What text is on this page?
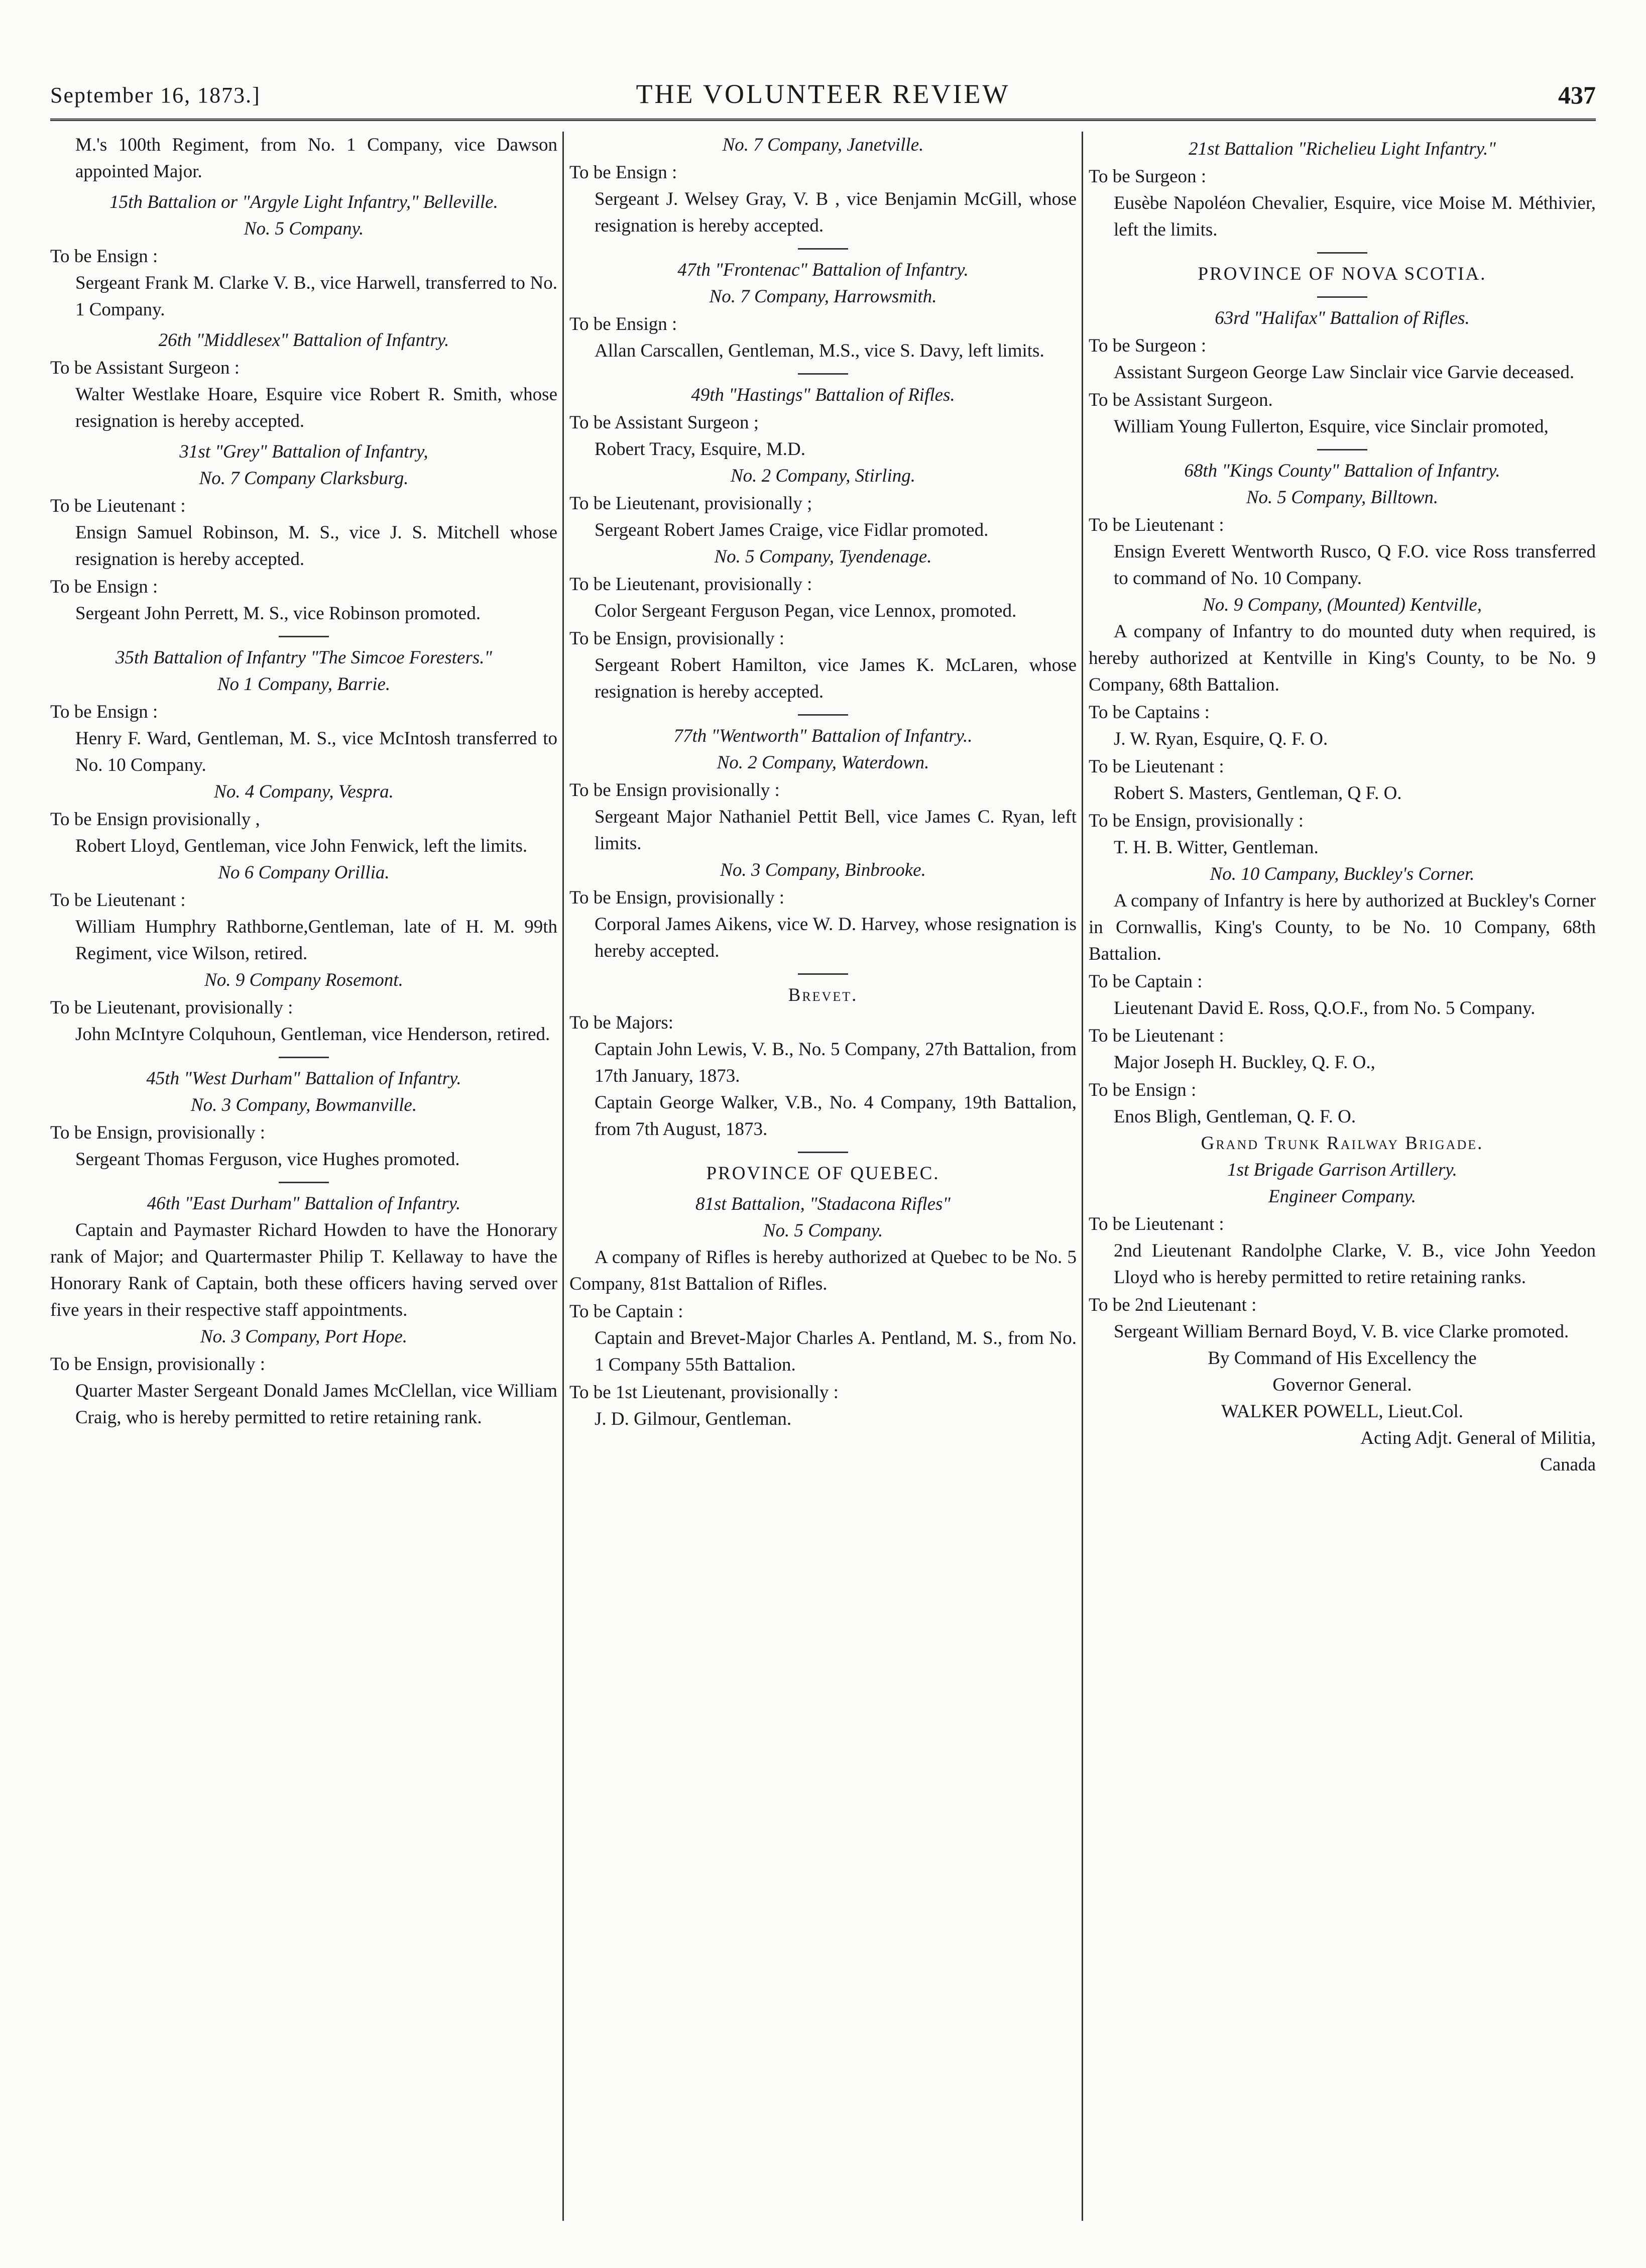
September 16, 1873.]	THE VOLUNTEER REVIEW	437
M.'s 100th Regiment, from No. 1 Company, vice Dawson appointed Major.
15th Battalion or "Argyle Light Infantry," Belleville.
No. 5 Company.
To be Ensign :
Sergeant Frank M. Clarke V. B., vice Harwell, transferred to No. 1 Company.
26th "Middlesex" Battalion of Infantry.
To be Assistant Surgeon :
Walter Westlake Hoare, Esquire vice Robert R. Smith, whose resignation is hereby accepted.
31st "Grey" Battalion of Infantry,
No. 7 Company Clarksburg.
To be Lieutenant :
Ensign Samuel Robinson, M. S., vice J. S. Mitchell whose resignation is hereby accepted.
To be Ensign :
Sergeant John Perrett, M. S., vice Robinson promoted.
35th Battalion of Infantry "The Simcoe Foresters."
No 1 Company, Barrie.
To be Ensign :
Henry F. Ward, Gentleman, M. S., vice McIntosh transferred to No. 10 Company.
No. 4 Company, Vespra.
To be Ensign provisionally ,
Robert Lloyd, Gentleman, vice John Fenwick, left the limits.
No 6 Company Orillia.
To be Lieutenant :
William Humphry Rathborne,Gentleman, late of H. M. 99th Regiment, vice Wilson, retired.
No. 9 Company Rosemont.
To be Lieutenant, provisionally :
John McIntyre Colquhoun, Gentleman, vice Henderson, retired.
45th "West Durham" Battalion of Infantry.
No. 3 Company, Bowmanville.
To be Ensign, provisionally :
Sergeant Thomas Ferguson, vice Hughes promoted.
46th "East Durham" Battalion of Infantry.
Captain and Paymaster Richard Howden to have the Honorary rank of Major; and Quartermaster Philip T. Kellaway to have the Honorary Rank of Captain, both these officers having served over five years in their respective staff appointments.
No. 3 Company, Port Hope.
To be Ensign, provisionally :
Quarter Master Sergeant Donald James McClellan, vice William Craig, who is hereby permitted to retire retaining rank.
No. 7 Company, Janetville.
To be Ensign :
Sergeant J. Welsey Gray, V. B , vice Benjamin McGill, whose resignation is hereby accepted.
47th "Frontenac" Battalion of Infantry.
No. 7 Company, Harrowsmith.
To be Ensign :
Allan Carscallen, Gentleman, M.S., vice S. Davy, left limits.
49th "Hastings" Battalion of Rifles.
To be Assistant Surgeon ;
Robert Tracy, Esquire, M.D.
No. 2 Company, Stirling.
To be Lieutenant, provisionally ;
Sergeant Robert James Craige, vice Fidlar promoted.
No. 5 Company, Tyendenage.
To be Lieutenant, provisionally :
Color Sergeant Ferguson Pegan, vice Lennox, promoted.
To be Ensign, provisionally :
Sergeant Robert Hamilton, vice James K. McLaren, whose resignation is hereby accepted.
77th "Wentworth" Battalion of Infantry..
No. 2 Company, Waterdown.
To be Ensign provisionally :
Sergeant Major Nathaniel Pettit Bell, vice James C. Ryan, left limits.
No. 3 Company, Binbrooke.
To be Ensign, provisionally :
Corporal James Aikens, vice W. D. Harvey, whose resignation is hereby accepted.
Brevet.
To be Majors:
Captain John Lewis, V. B., No. 5 Company, 27th Battalion, from 17th January, 1873.
Captain George Walker, V.B., No. 4 Company, 19th Battalion, from 7th August, 1873.
PROVINCE OF QUEBEC.
81st Battalion, "Stadacona Rifles"
No. 5 Company.
A company of Rifles is hereby authorized at Quebec to be No. 5 Company, 81st Battalion of Rifles.
To be Captain :
Captain and Brevet-Major Charles A. Pentland, M. S., from No. 1 Company 55th Battalion.
To be 1st Lieutenant, provisionally :
J. D. Gilmour, Gentleman.
21st Battalion "Richelieu Light Infantry."
To be Surgeon :
Eusèbe Napoléon Chevalier, Esquire, vice Moise M. Méthivier, left the limits.
PROVINCE OF NOVA SCOTIA.
63rd "Halifax" Battalion of Rifles.
To be Surgeon :
Assistant Surgeon George Law Sinclair vice Garvie deceased.
To be Assistant Surgeon.
William Young Fullerton, Esquire, vice Sinclair promoted,
68th "Kings County" Battalion of Infantry.
No. 5 Company, Billtown.
To be Lieutenant :
Ensign Everett Wentworth Rusco, Q F.O. vice Ross transferred to command of No. 10 Company.
No. 9 Company, (Mounted) Kentville,
A company of Infantry to do mounted duty when required, is hereby authorized at Kentville in King's County, to be No. 9 Company, 68th Battalion.
To be Captains :
J. W. Ryan, Esquire, Q. F. O.
To be Lieutenant :
Robert S. Masters, Gentleman, Q F. O.
To be Ensign, provisionally :
T. H. B. Witter, Gentleman.
No. 10 Campany, Buckley's Corner.
A company of Infantry is here by authorized at Buckley's Corner in Cornwallis, King's County, to be No. 10 Company, 68th Battalion.
To be Captain :
Lieutenant David E. Ross, Q.O.F., from No. 5 Company.
To be Lieutenant :
Major Joseph H. Buckley, Q. F. O.,
To be Ensign :
Enos Bligh, Gentleman, Q. F. O.
Grand Trunk Railway Brigade.
1st Brigade Garrison Artillery.
Engineer Company.
To be Lieutenant :
2nd Lieutenant Randolphe Clarke, V. B., vice John Yeedon Lloyd who is hereby permitted to retire retaining ranks.
To be 2nd Lieutenant :
Sergeant William Bernard Boyd, V. B. vice Clarke promoted.
By Command of His Excellency the
Governor General.
WALKER POWELL, Lieut.Col.
Acting Adjt. General of Militia,
Canada
